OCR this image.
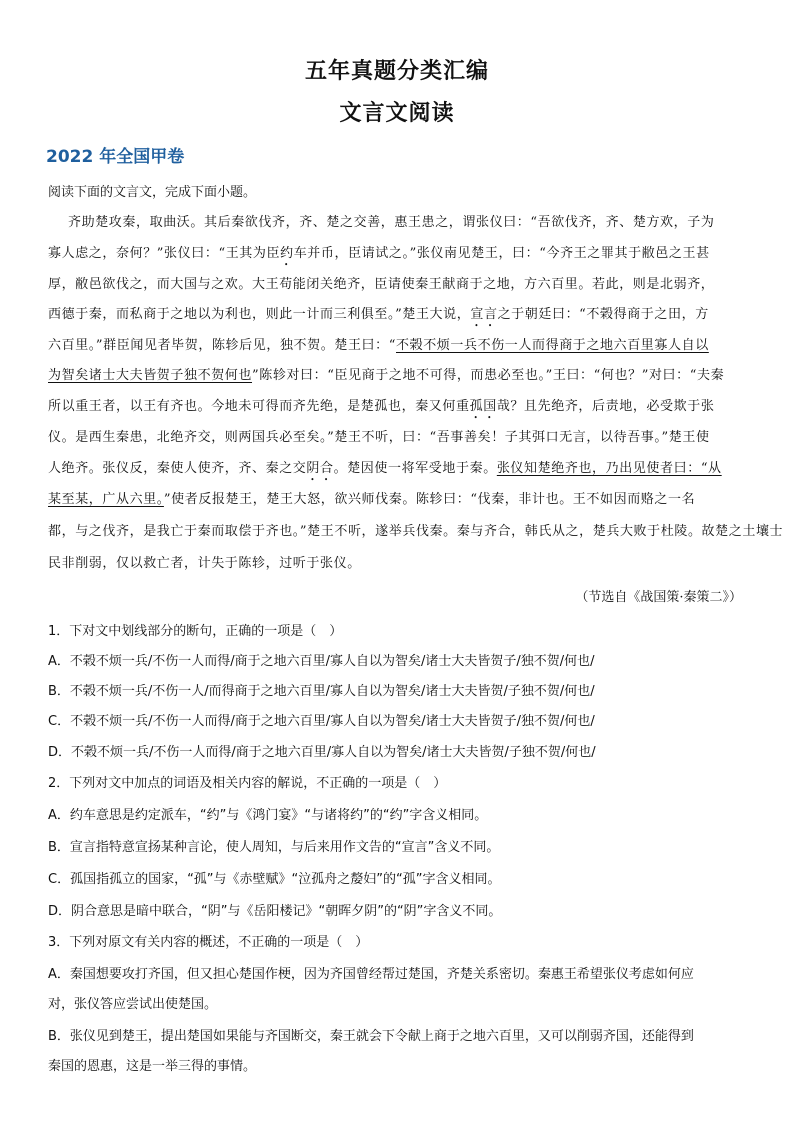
五年真题分类汇编
文言文阅读
2022 年全国甲卷
阅读下面的文言文，完成下面小题。
齐助楚攻秦，取曲沃。其后秦欲伐齐，齐、楚之交善，惠王患之，谓张仪曰：“吾欲伐齐，齐、楚方欢，子为
寡人虑之，奈何？”张仪曰：“王其为臣约车并币，臣请试之。”张仪南见楚王，曰：“今齐王之罪其于敝邑之王甚
厚，敝邑欲伐之，而大国与之欢。大王苟能闭关绝齐，臣请使秦王献商于之地，方六百里。若此，则是北弱齐，
西德于秦，而私商于之地以为利也，则此一计而三利俱至。”楚王大说，宣言之于朝廷曰：“不榖得商于之田，方
六百里。”群臣闻见者毕贺，陈轸后见，独不贺。楚王曰：“不榖不烦一兵不伤一人而得商于之地六百里寡人自以
为智矣诸士大夫皆贺子独不贺何也”陈轸对曰：“臣见商于之地不可得，而患必至也。”王曰：“何也？”对曰：“夫秦
所以重王者，以王有齐也。今地未可得而齐先绝，是楚孤也，秦又何重孤国哉？且先绝齐，后责地，必受欺于张
仪。是西生秦患，北绝齐交，则两国兵必至矣。”楚王不听，曰：“吾事善矣！子其弭口无言，以待吾事。”楚王使
人绝齐。张仪反，秦使人使齐，齐、秦之交阴合。楚因使一将军受地于秦。张仪知楚绝齐也，乃出见使者曰：“从
某至某，广从六里。”使者反报楚王，楚王大怒，欲兴师伐秦。陈轸曰：“伐秦，非计也。王不如因而赂之一名
都，与之伐齐，是我亡于秦而取偿于齐也。”楚王不听，遂举兵伐秦。秦与齐合，韩氏从之，楚兵大败于杜陵。故楚之土壤士
民非削弱，仅以救亡者，计失于陈轸，过听于张仪。
（节选自《战国策·秦策二》）
1．下对文中划线部分的断句，正确的一项是（　）
A．不榖不烦一兵/不伤一人而得/商于之地六百里/寡人自以为智矣/诸士大夫皆贺子/独不贺/何也/
B．不榖不烦一兵/不伤一人/而得商于之地六百里/寡人自以为智矣/诸士大夫皆贺/子独不贺/何也/
C．不榖不烦一兵/不伤一人而得/商于之地六百里/寡人自以为智矣/诸士大夫皆贺子/独不贺/何也/
D．不榖不烦一兵/不伤一人而得/商于之地六百里/寡人自以为智矣/诸士大夫皆贺/子独不贺/何也/
2．下列对文中加点的词语及相关内容的解说，不正确的一项是（　）
A．约车意思是约定派车，“约”与《鸿门宴》“与诸将约”的“约”字含义相同。
B．宣言指特意宣扬某种言论，使人周知，与后来用作文告的“宣言”含义不同。
C．孤国指孤立的国家，“孤”与《赤壁赋》“泣孤舟之嫠妇”的“孤”字含义相同。
D．阴合意思是暗中联合，“阴”与《岳阳楼记》“朝晖夕阴”的“阴”字含义不同。
3．下列对原文有关内容的概述，不正确的一项是（　）
A．秦国想要攻打齐国，但又担心楚国作梗，因为齐国曾经帮过楚国，齐楚关系密切。秦惠王希望张仪考虑如何应
对，张仪答应尝试出使楚国。
B．张仪见到楚王，提出楚国如果能与齐国断交，秦王就会下令献上商于之地六百里，又可以削弱齐国，还能得到
秦国的恩惠，这是一举三得的事情。
